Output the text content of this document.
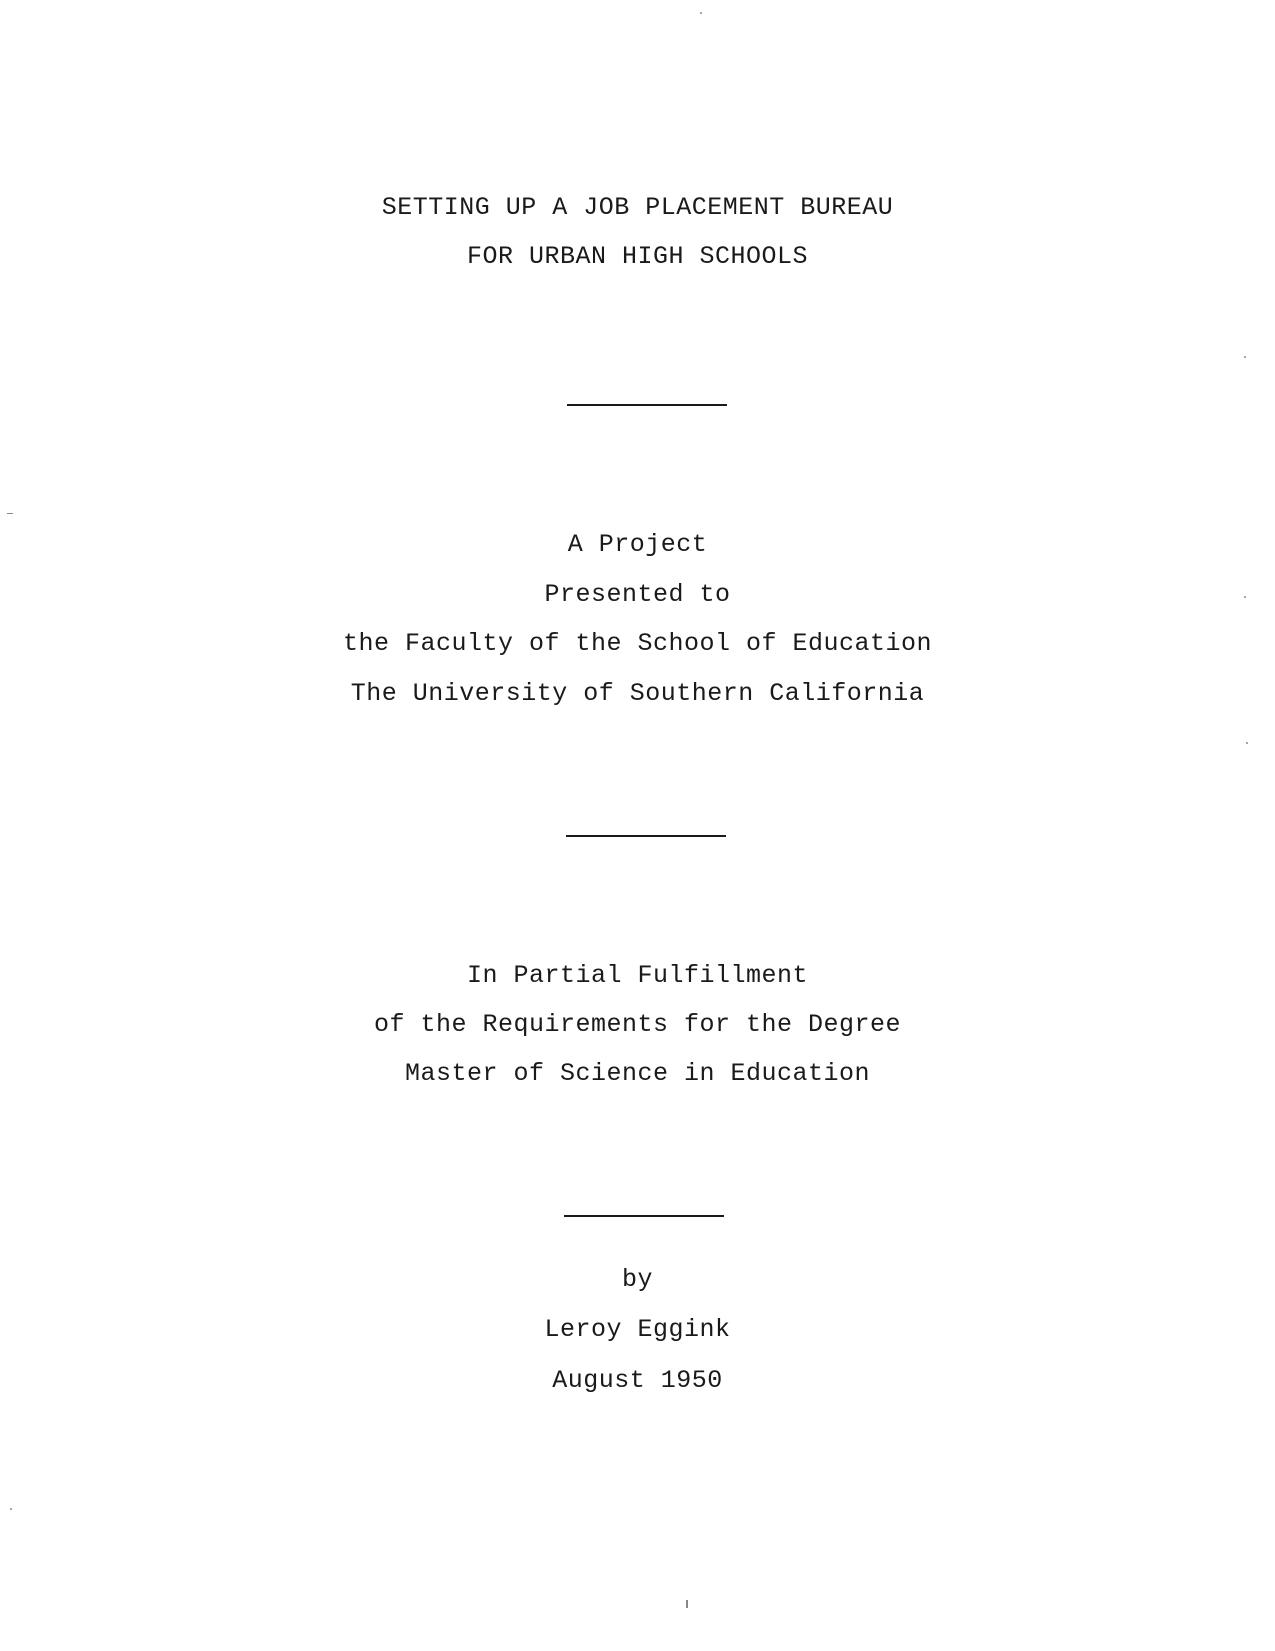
SETTING UP A JOB PLACEMENT BUREAU
FOR URBAN HIGH SCHOOLS
A Project
Presented to
the Faculty of the School of Education
The University of Southern California
In Partial Fulfillment
of the Requirements for the Degree
Master of Science in Education
by
Leroy Eggink
August 1950
